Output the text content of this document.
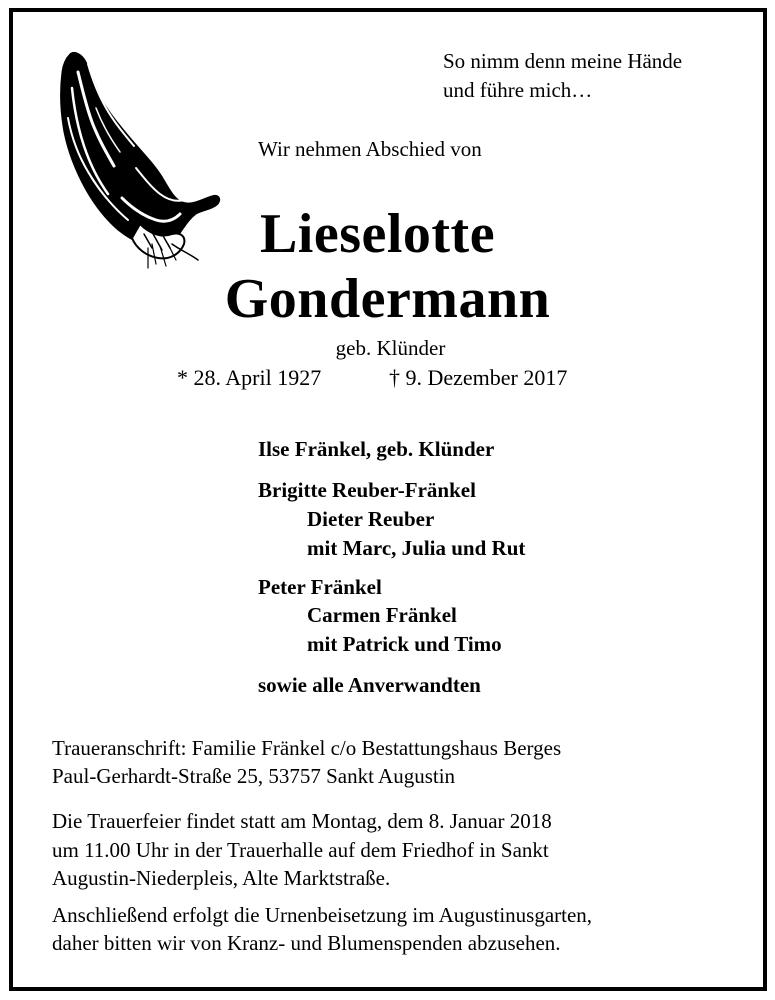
So nimm denn meine Hände
und führe mich…
Wir nehmen Abschied von
Lieselotte
Gondermann
geb. Klünder
* 28. April 1927	† 9. Dezember 2017
Ilse Fränkel, geb. Klünder
Brigitte Reuber-Fränkel
Dieter Reuber
mit Marc, Julia und Rut
Peter Fränkel
Carmen Fränkel
mit Patrick und Timo
sowie alle Anverwandten
Traueranschrift: Familie Fränkel c/o Bestattungshaus Berges
Paul-Gerhardt-Straße 25, 53757 Sankt Augustin
Die Trauerfeier findet statt am Montag, dem 8. Januar 2018
um 11.00 Uhr in der Trauerhalle auf dem Friedhof in Sankt
Augustin-Niederpleis, Alte Marktstraße.
Anschließend erfolgt die Urnenbeisetzung im Augustinusgarten,
daher bitten wir von Kranz- und Blumenspenden abzusehen.
